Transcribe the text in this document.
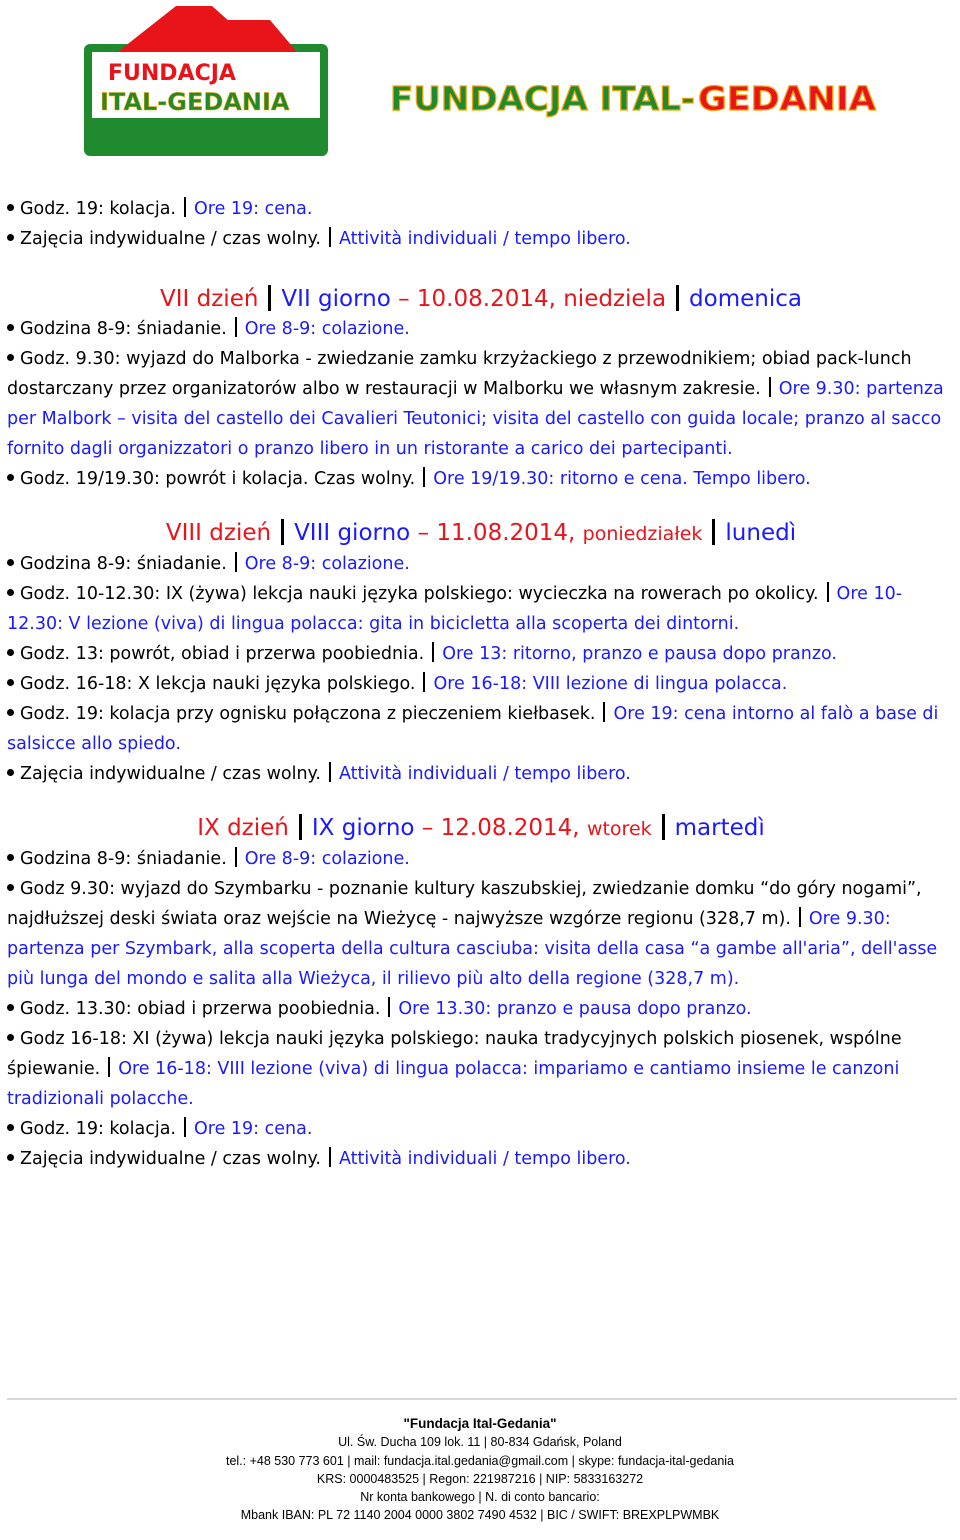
FUNDACJA
ITAL-GEDANIA	FUNDACJA ITAL- GEDANIA
Godz. 19: kolacja. Ore 19: cena.
Zajęcia indywidualne / czas wolny. Attività individuali / tempo libero.
VII dzień VII giorno – 10.08.2014, niedziela domenica
Godzina 8-9: śniadanie. Ore 8-9: colazione.
Godz. 9.30: wyjazd do Malborka - zwiedzanie zamku krzyżackiego z przewodnikiem; obiad pack-lunch dostarczany przez organizatorów albo w restauracji w Malborku we własnym zakresie. Ore 9.30: partenza per Malbork – visita del castello dei Cavalieri Teutonici; visita del castello con guida locale; pranzo al sacco fornito dagli organizzatori o pranzo libero in un ristorante a carico dei partecipanti.
Godz. 19/19.30: powrót i kolacja. Czas wolny. Ore 19/19.30: ritorno e cena. Tempo libero.
VIII dzień VIII giorno – 11.08.2014, poniedziałek lunedì
Godzina 8-9: śniadanie. Ore 8-9: colazione.
Godz. 10-12.30: IX (żywa) lekcja nauki języka polskiego: wycieczka na rowerach po okolicy. Ore 10-12.30: V lezione (viva) di lingua polacca: gita in bicicletta alla scoperta dei dintorni.
Godz. 13: powrót, obiad i przerwa poobiednia. Ore 13: ritorno, pranzo e pausa dopo pranzo.
Godz. 16-18: X lekcja nauki języka polskiego. Ore 16-18: VIII lezione di lingua polacca.
Godz. 19: kolacja przy ognisku połączona z pieczeniem kiełbasek. Ore 19: cena intorno al falò a base di salsicce allo spiedo.
Zajęcia indywidualne / czas wolny. Attività individuali / tempo libero.
IX dzień IX giorno – 12.08.2014, wtorek martedì
Godzina 8-9: śniadanie. Ore 8-9: colazione.
Godz 9.30: wyjazd do Szymbarku - poznanie kultury kaszubskiej, zwiedzanie domku “do góry nogami”, najdłuższej deski świata oraz wejście na Wieżycę - najwyższe wzgórze regionu (328,7 m). Ore 9.30: partenza per Szymbark, alla scoperta della cultura casciuba: visita della casa “a gambe all'aria”, dell'asse più lunga del mondo e salita alla Wieżyca, il rilievo più alto della regione (328,7 m).
Godz. 13.30: obiad i przerwa poobiednia. Ore 13.30: pranzo e pausa dopo pranzo.
Godz 16-18: XI (żywa) lekcja nauki języka polskiego: nauka tradycyjnych polskich piosenek, wspólne śpiewanie. Ore 16-18: VIII lezione (viva) di lingua polacca: impariamo e cantiamo insieme le canzoni tradizionali polacche.
Godz. 19: kolacja. Ore 19: cena.
Zajęcia indywidualne / czas wolny. Attività individuali / tempo libero.
"Fundacja Ital-Gedania"
Ul. Św. Ducha 109 lok. 11 | 80-834 Gdańsk, Poland
tel.: +48 530 773 601 | mail: fundacja.ital.gedania@gmail.com | skype: fundacja-ital-gedania
KRS: 0000483525 | Regon: 221987216 | NIP: 5833163272
Nr konta bankowego | N. di conto bancario:
Mbank IBAN: PL 72 1140 2004 0000 3802 7490 4532 | BIC / SWIFT: BREXPLPWMBK
